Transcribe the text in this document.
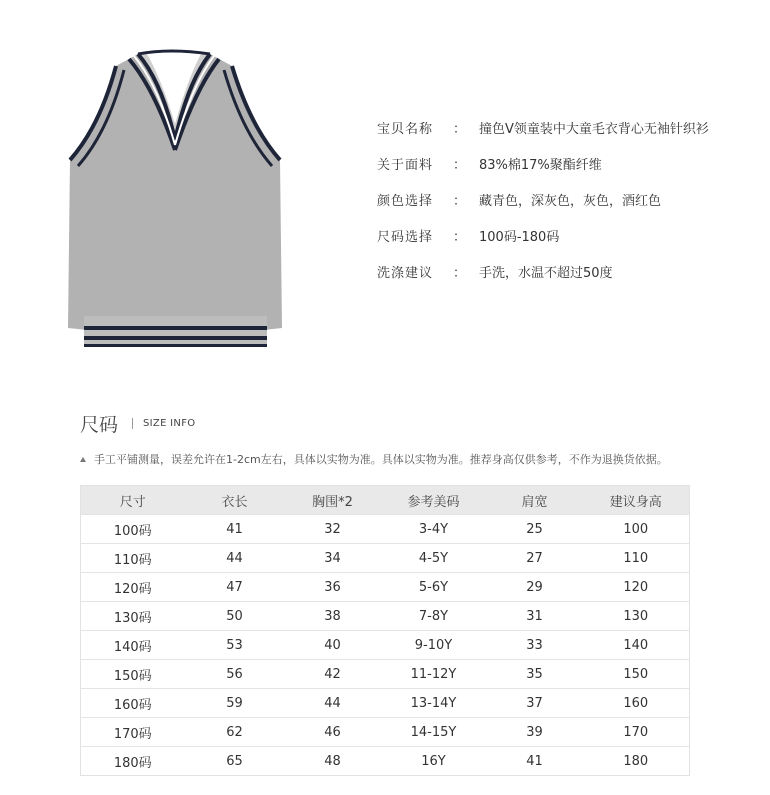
宝贝名称 ： 撞色V领童装中大童毛衣背心无袖针织衫
关于面料 ： 83%棉17%聚酯纤维
颜色选择 ： 藏青色，深灰色，灰色，酒红色
尺码选择 ： 100码-180码
洗涤建议 ： 手洗，水温不超过50度
尺码	SIZE INFO
手工平铺测量，误差允许在1-2cm左右，具体以实物为准。具体以实物为准。推荐身高仅供参考，不作为退换货依据。
尺寸	衣长	胸围*2	参考美码	肩宽	建议身高
100码	41	32	3-4Y	25	100
110码	44	34	4-5Y	27	110
120码	47	36	5-6Y	29	120
130码	50	38	7-8Y	31	130
140码	53	40	9-10Y	33	140
150码	56	42	11-12Y	35	150
160码	59	44	13-14Y	37	160
170码	62	46	14-15Y	39	170
180码	65	48	16Y	41	180
